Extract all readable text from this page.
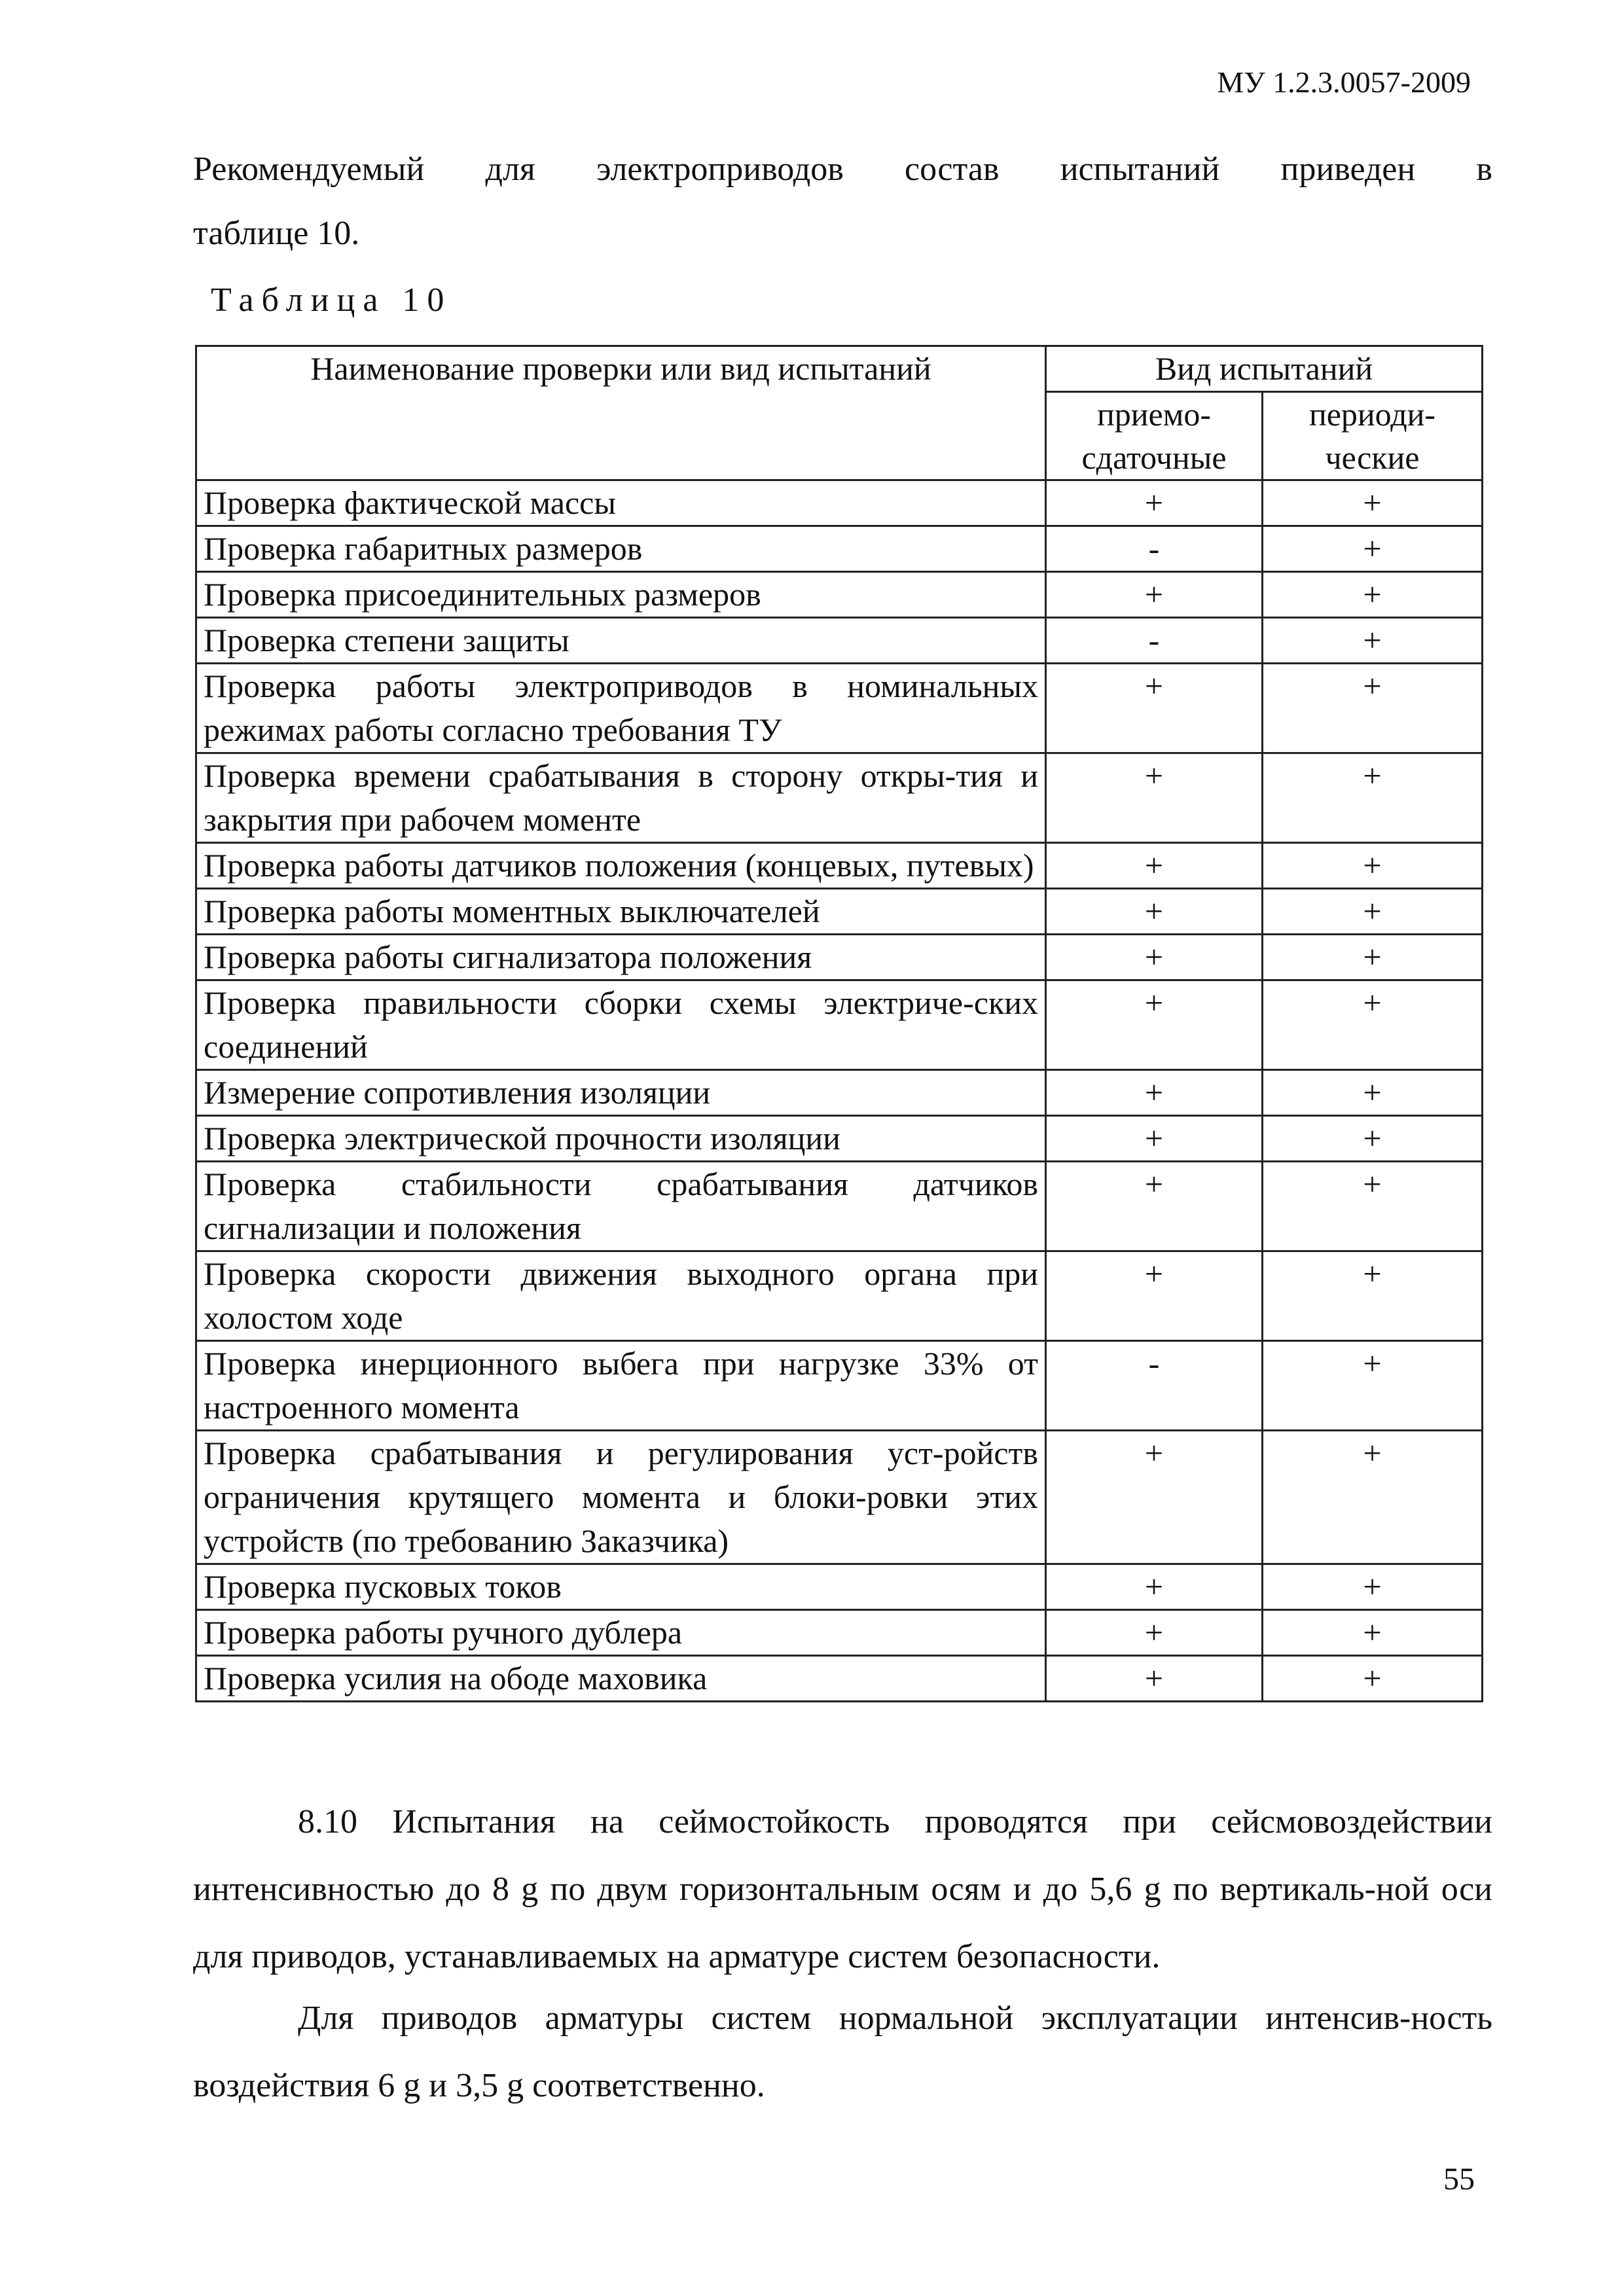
МУ 1.2.3.0057-2009

Рекомендуемый для электроприводов состав испытаний приведен в

таблице 10.
Таблица 10
Наименование проверки или вид испытаний	Вид испытаний	
	приемо-сдаточные	периоди-ческие
Проверка фактической массы	+	+
Проверка габаритных размеров	-	+
Проверка присоединительных размеров	+	+
Проверка степени защиты	-	+
Проверка работы электроприводов в номинальных режимах работы согласно требования ТУ	+	+
Проверка времени срабатывания в сторону откры-тия и закрытия при рабочем моменте	+	+
Проверка работы датчиков положения (концевых, путевых)	+	+
Проверка работы моментных выключателей	+	+
Проверка работы сигнализатора положения	+	+
Проверка правильности сборки схемы электриче-ских соединений	+	+
Измерение сопротивления изоляции	+	+
Проверка электрической прочности изоляции	+	+
Проверка стабильности срабатывания датчиков сигнализации и положения	+	+
Проверка скорости движения выходного органа при холостом ходе	+	+
Проверка инерционного выбега при нагрузке 33% от настроенного момента	-	+
Проверка срабатывания и регулирования уст-ройств ограничения крутящего момента и блоки-ровки этих устройств (по требованию Заказчика)	+	+
Проверка пусковых токов	+	+
Проверка работы ручного дублера	+	+
Проверка усилия на ободе маховика	+	+

8.10 Испытания на сеймостойкость проводятся при сейсмовоздействии интенсивностью до 8 g по двум горизонтальным осям и до 5,6 g по вертикаль-ной оси для приводов, устанавливаемых на арматуре систем безопасности.

Для приводов арматуры систем нормальной эксплуатации интенсив-ность воздействия 6 g и 3,5 g соответственно.

55
